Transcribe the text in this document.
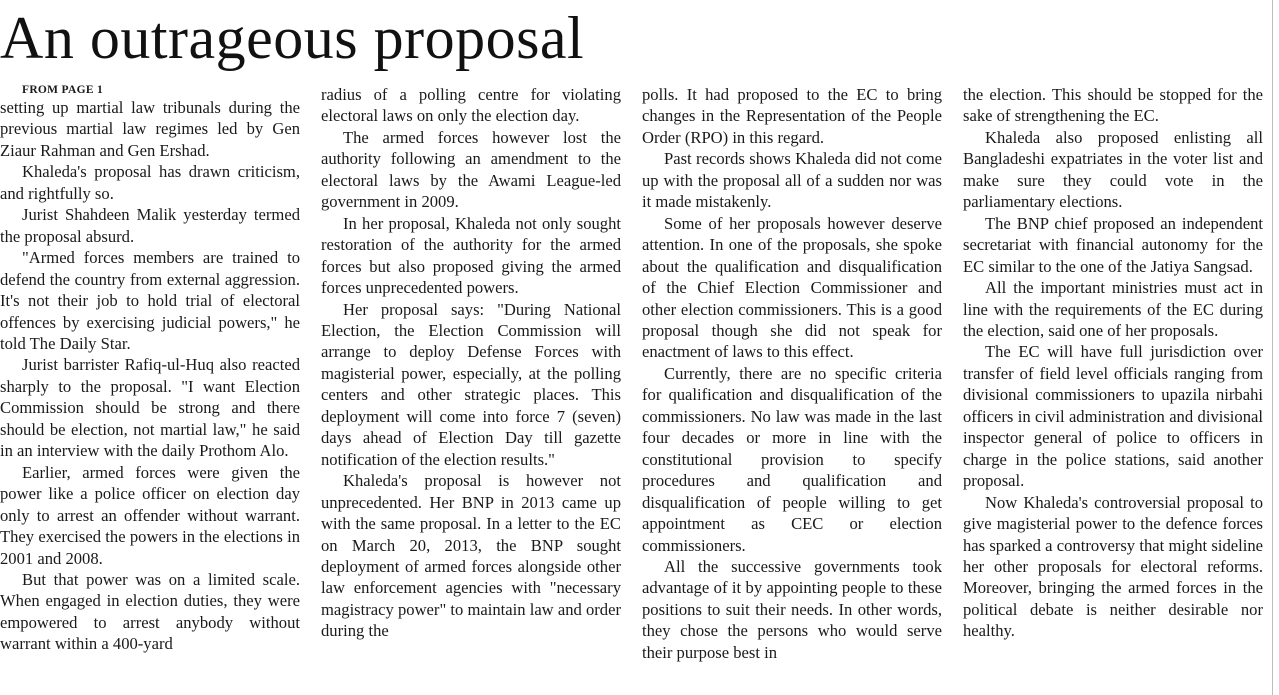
An outrageous proposal

FROM PAGE 1

setting up martial law tribunals during the previous martial law regimes led by Gen Ziaur Rahman and Gen Ershad.

Khaleda's proposal has drawn criticism, and rightfully so.

Jurist Shahdeen Malik yesterday termed the proposal absurd.

"Armed forces members are trained to defend the country from external aggression. It's not their job to hold trial of electoral offences by exercising judicial powers," he told The Daily Star.

Jurist barrister Rafiq-ul-Huq also reacted sharply to the proposal. "I want Election Commission should be strong and there should be election, not martial law," he said in an interview with the daily Prothom Alo.

Earlier, armed forces were given the power like a police officer on election day only to arrest an offender without warrant. They exercised the powers in the elections in 2001 and 2008.

But that power was on a limited scale. When engaged in election duties, they were empowered to arrest anybody without warrant within a 400-yard

radius of a polling centre for violating electoral laws on only the election day.

The armed forces however lost the authority following an amendment to the electoral laws by the Awami League-led government in 2009.

In her proposal, Khaleda not only sought restoration of the authority for the armed forces but also proposed giving the armed forces unprecedented powers.

Her proposal says: "During National Election, the Election Commission will arrange to deploy Defense Forces with magisterial power, especially, at the polling centers and other strategic places. This deployment will come into force 7 (seven) days ahead of Election Day till gazette notification of the election results."

Khaleda's proposal is however not unprecedented. Her BNP in 2013 came up with the same proposal. In a letter to the EC on March 20, 2013, the BNP sought deployment of armed forces alongside other law enforcement agencies with "necessary magistracy power" to maintain law and order during the

polls. It had proposed to the EC to bring changes in the Representation of the People Order (RPO) in this regard.

Past records shows Khaleda did not come up with the proposal all of a sudden nor was it made mistakenly.

Some of her proposals however deserve attention. In one of the proposals, she spoke about the qualification and disqualification of the Chief Election Commissioner and other election commissioners. This is a good proposal though she did not speak for enactment of laws to this effect.

Currently, there are no specific criteria for qualification and disqualification of the commissioners. No law was made in the last four decades or more in line with the constitutional provision to specify procedures and qualification and disqualification of people willing to get appointment as CEC or election commissioners.

All the successive governments took advantage of it by appointing people to these positions to suit their needs. In other words, they chose the persons who would serve their purpose best in

the election. This should be stopped for the sake of strengthening the EC.

Khaleda also proposed enlisting all Bangladeshi expatriates in the voter list and make sure they could vote in the parliamentary elections.

The BNP chief proposed an independent secretariat with financial autonomy for the EC similar to the one of the Jatiya Sangsad.

All the important ministries must act in line with the requirements of the EC during the election, said one of her proposals.

The EC will have full jurisdiction over transfer of field level officials ranging from divisional commissioners to upazila nirbahi officers in civil administration and divisional inspector general of police to officers in charge in the police stations, said another proposal.

Now Khaleda's controversial proposal to give magisterial power to the defence forces has sparked a controversy that might sideline her other proposals for electoral reforms. Moreover, bringing the armed forces in the political debate is neither desirable nor healthy.
